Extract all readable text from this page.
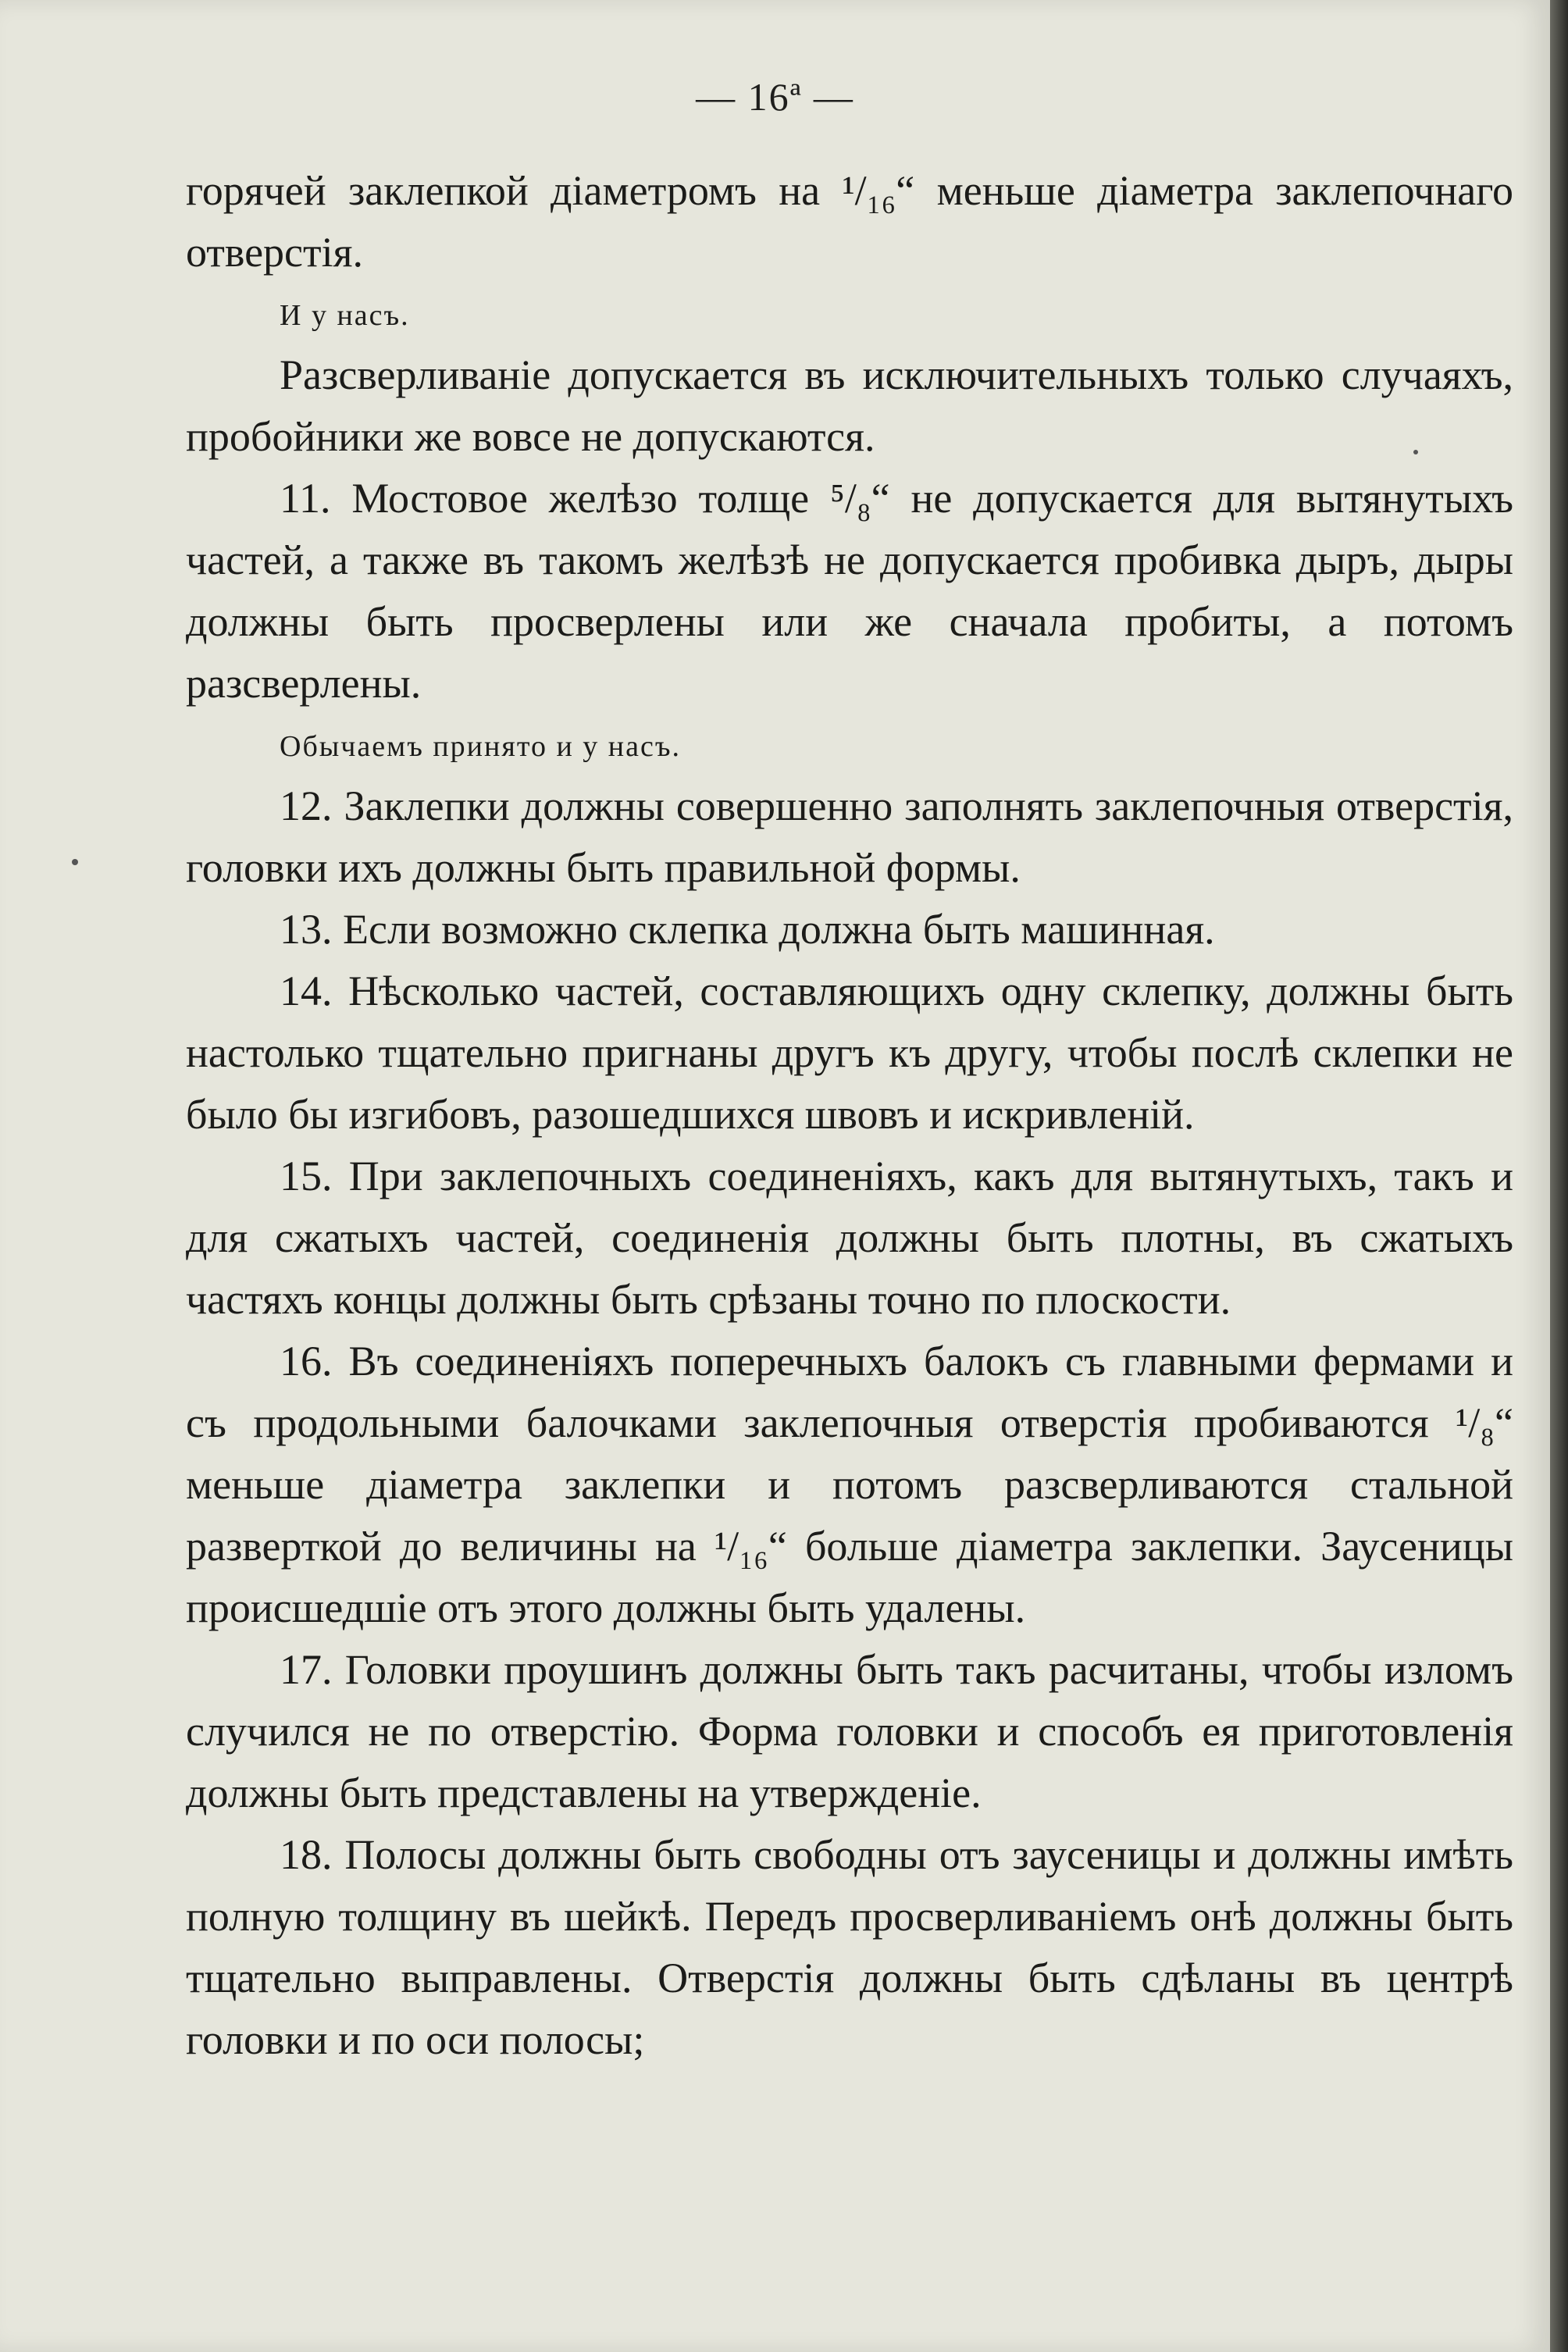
— 16ª —

горячей заклепкой діаметромъ на ¹/₁₆“ меньше діаметра заклепочнаго отверстія.

И у насъ.

Разсверливаніе допускается въ исключительныхъ только случаяхъ, пробойники же вовсе не допускаются.

11. Мостовое желѣзо толще ⁵/₈“ не допускается для вытянутыхъ частей, а также въ такомъ желѣзѣ не допускается пробивка дыръ, дыры должны быть просверлены или же сначала пробиты, а потомъ разсверлены.

Обычаемъ принято и у насъ.

12. Заклепки должны совершенно заполнять заклепочныя отверстія, головки ихъ должны быть правильной формы.

13. Если возможно склепка должна быть машинная.

14. Нѣсколько частей, составляющихъ одну склепку, должны быть настолько тщательно пригнаны другъ къ другу, чтобы послѣ склепки не было бы изгибовъ, разошедшихся швовъ и искривленій.

15. При заклепочныхъ соединеніяхъ, какъ для вытянутыхъ, такъ и для сжатыхъ частей, соединенія должны быть плотны, въ сжатыхъ частяхъ концы должны быть срѣзаны точно по плоскости.

16. Въ соединеніяхъ поперечныхъ балокъ съ главными фермами и съ продольными балочками заклепочныя отверстія пробиваются ¹/₈“ меньше діаметра заклепки и потомъ разсверливаются стальной разверткой до величины на ¹/₁₆“ больше діаметра заклепки. Заусеницы происшедшіе отъ этого должны быть удалены.

17. Головки проушинъ должны быть такъ расчитаны, чтобы изломъ случился не по отверстію. Форма головки и способъ ея приготовленія должны быть представлены на утвержденіе.

18. Полосы должны быть свободны отъ заусеницы и должны имѣть полную толщину въ шейкѣ. Передъ просверливаніемъ онѣ должны быть тщательно выправлены. Отверстія должны быть сдѣланы въ центрѣ головки и по оси полосы;
